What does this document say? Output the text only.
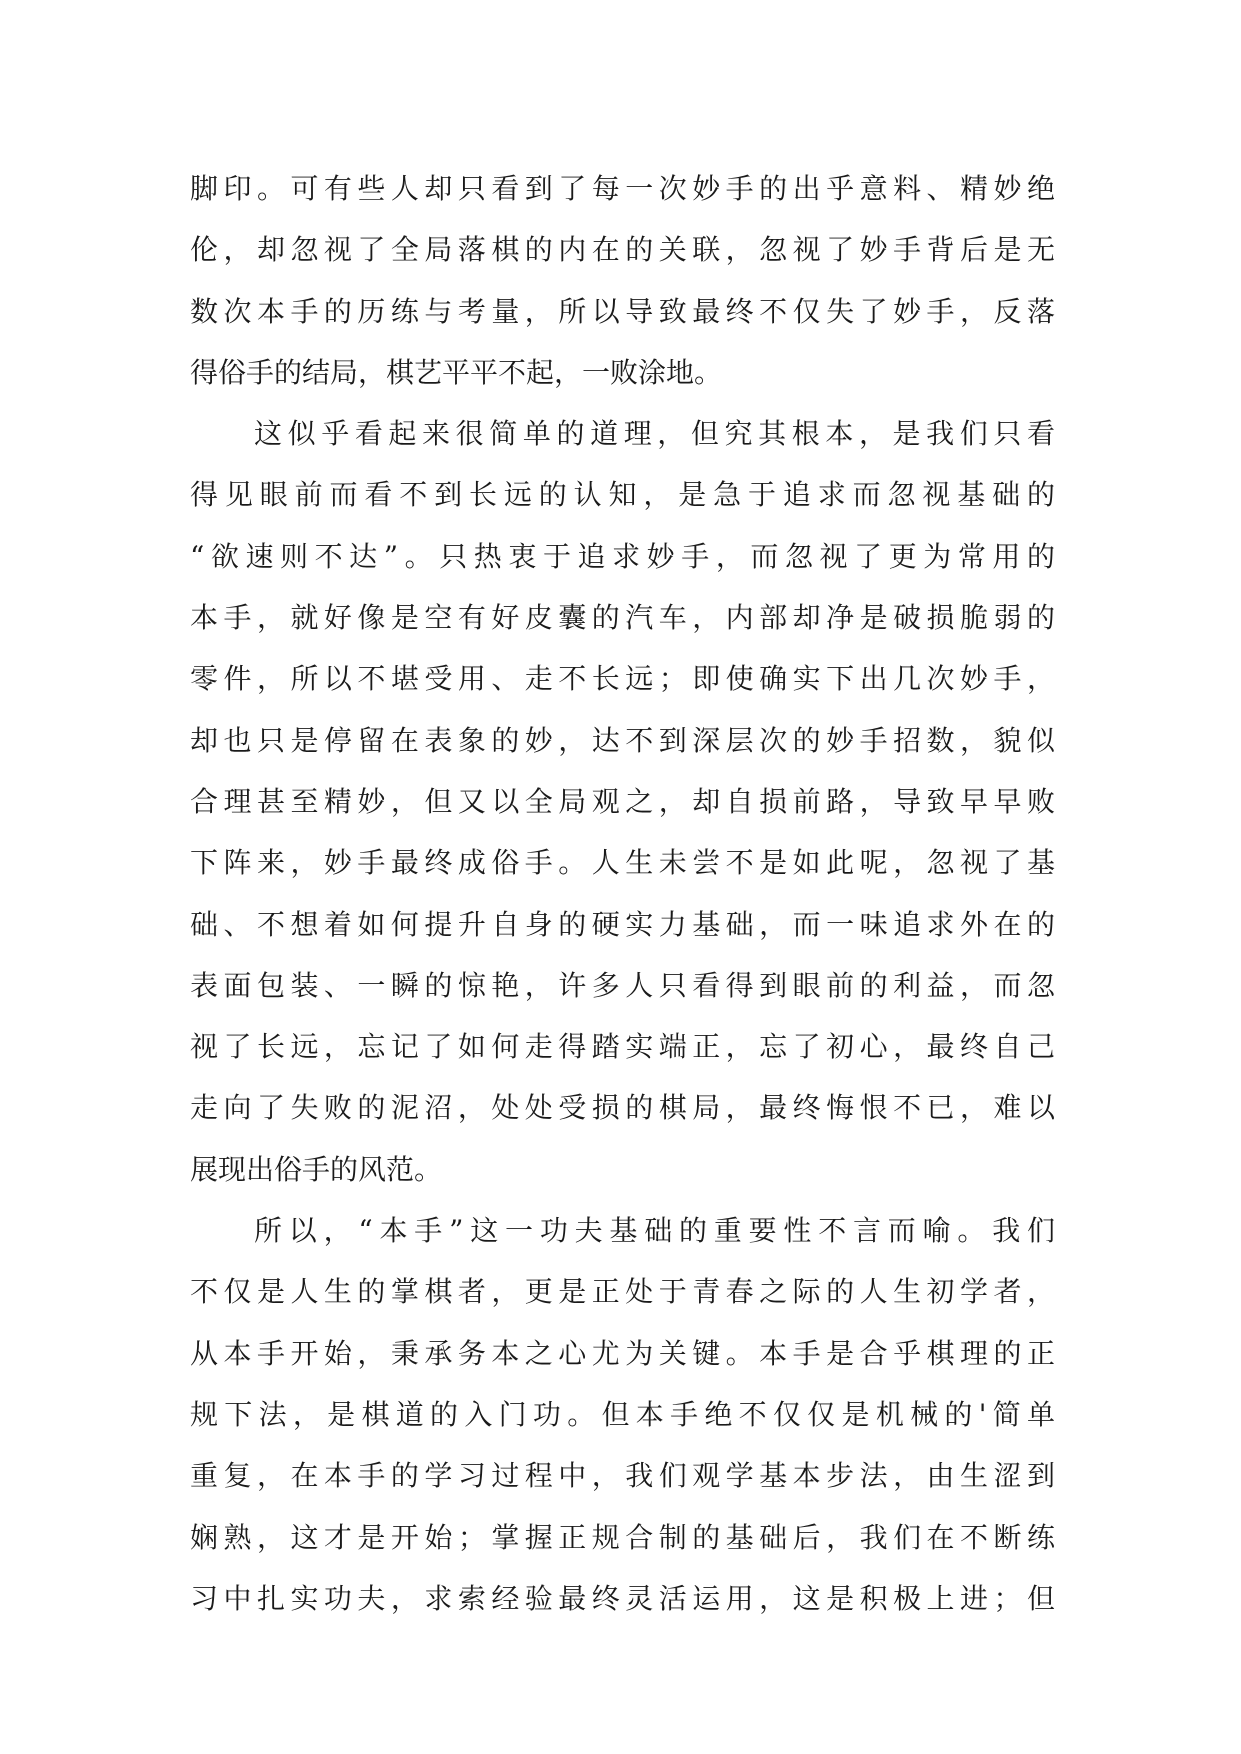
脚印。可有些人却只看到了每一次妙手的出乎意料、精妙绝
伦，却忽视了全局落棋的内在的关联，忽视了妙手背后是无
数次本手的历练与考量，所以导致最终不仅失了妙手，反落
得俗手的结局，棋艺平平不起，一败涂地。
这似乎看起来很简单的道理，但究其根本，是我们只看
得见眼前而看不到长远的认知，是急于追求而忽视基础的
“欲速则不达”。只热衷于追求妙手，而忽视了更为常用的
本手，就好像是空有好皮囊的汽车，内部却净是破损脆弱的
零件，所以不堪受用、走不长远；即使确实下出几次妙手，
却也只是停留在表象的妙，达不到深层次的妙手招数，貌似
合理甚至精妙，但又以全局观之，却自损前路，导致早早败
下阵来，妙手最终成俗手。人生未尝不是如此呢，忽视了基
础、不想着如何提升自身的硬实力基础，而一味追求外在的
表面包装、一瞬的惊艳，许多人只看得到眼前的利益，而忽
视了长远，忘记了如何走得踏实端正，忘了初心，最终自己
走向了失败的泥沼，处处受损的棋局，最终悔恨不已，难以
展现出俗手的风范。
所以，“本手”这一功夫基础的重要性不言而喻。我们
不仅是人生的掌棋者，更是正处于青春之际的人生初学者，
从本手开始，秉承务本之心尤为关键。本手是合乎棋理的正
规下法，是棋道的入门功。但本手绝不仅仅是机械的'简单
重复，在本手的学习过程中，我们观学基本步法，由生涩到
娴熟，这才是开始；掌握正规合制的基础后，我们在不断练
习中扎实功夫，求索经验最终灵活运用，这是积极上进；但
